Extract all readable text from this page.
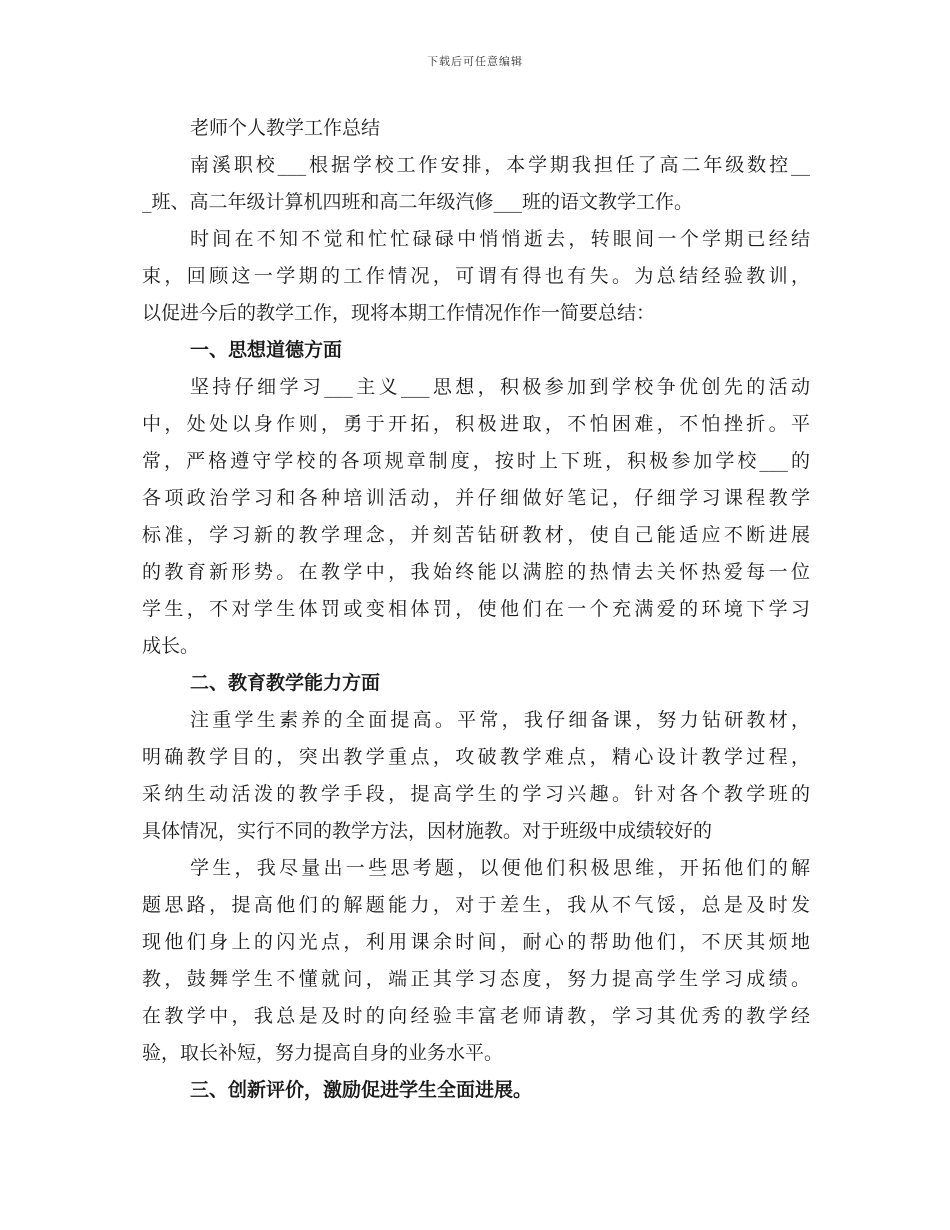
下载后可任意编辑
老师个人教学工作总结
南溪职校___根据学校工作安排，本学期我担任了高二年级数控__
_班、高二年级计算机四班和高二年级汽修___班的语文教学工作。
时间在不知不觉和忙忙碌碌中悄悄逝去，转眼间一个学期已经结
束，回顾这一学期的工作情况，可谓有得也有失。为总结经验教训，
以促进今后的教学工作，现将本期工作情况作作一简要总结：
一、思想道德方面
坚持仔细学习___主义___思想，积极参加到学校争优创先的活动
中，处处以身作则，勇于开拓，积极进取，不怕困难，不怕挫折。平
常，严格遵守学校的各项规章制度，按时上下班，积极参加学校___的
各项政治学习和各种培训活动，并仔细做好笔记，仔细学习课程教学
标准，学习新的教学理念，并刻苦钻研教材，使自己能适应不断进展
的教育新形势。在教学中，我始终能以满腔的热情去关怀热爱每一位
学生，不对学生体罚或变相体罚，使他们在一个充满爱的环境下学习
成长。
二、教育教学能力方面
注重学生素养的全面提高。平常，我仔细备课，努力钻研教材，
明确教学目的，突出教学重点，攻破教学难点，精心设计教学过程，
采纳生动活泼的教学手段，提高学生的学习兴趣。针对各个教学班的
具体情况，实行不同的教学方法，因材施教。对于班级中成绩较好的
学生，我尽量出一些思考题，以便他们积极思维，开拓他们的解
题思路，提高他们的解题能力，对于差生，我从不气馁，总是及时发
现他们身上的闪光点，利用课余时间，耐心的帮助他们，不厌其烦地
教，鼓舞学生不懂就问，端正其学习态度，努力提高学生学习成绩。
在教学中，我总是及时的向经验丰富老师请教，学习其优秀的教学经
验，取长补短，努力提高自身的业务水平。
三、创新评价，激励促进学生全面进展。
